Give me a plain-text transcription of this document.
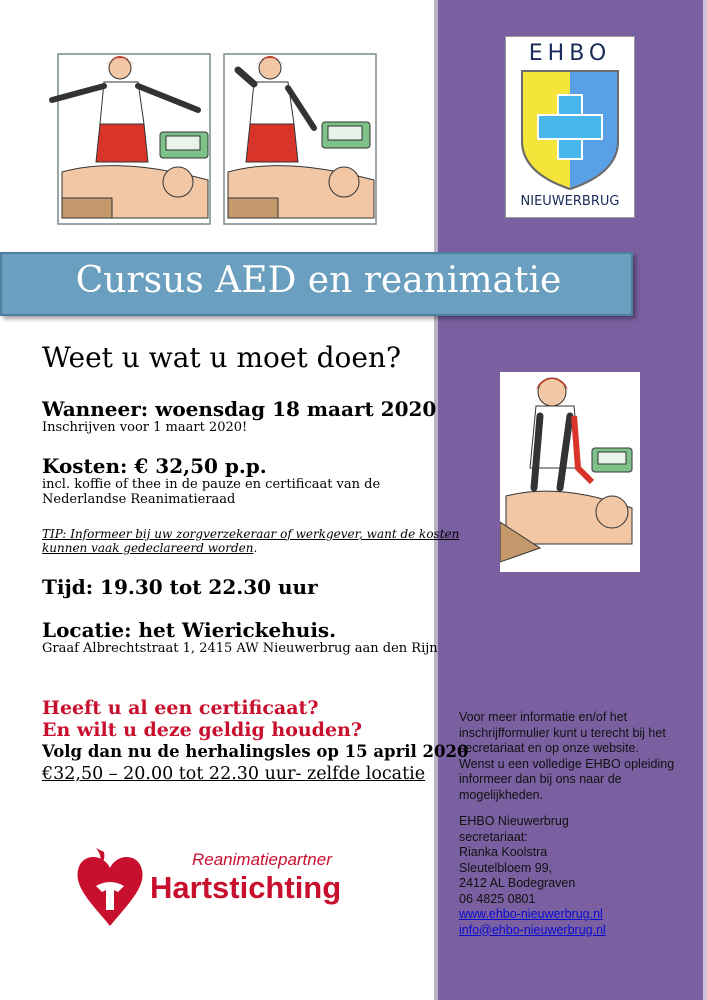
EHBO
NIEUWERBRUG
Cursus AED en reanimatie
Weet u wat u moet doen?
Wanneer: woensdag 18 maart 2020
Inschrijven voor 1 maart 2020!
Kosten: € 32,50 p.p.
incl. koffie of thee in de pauze en certificaat van de
Nederlandse Reanimatieraad
TIP: Informeer bij uw zorgverzekeraar of werkgever, want de kosten
kunnen vaak gedeclareerd worden.
Tijd: 19.30 tot 22.30 uur
Locatie: het Wierickehuis.
Graaf Albrechtstraat 1, 2415 AW Nieuwerbrug aan den Rijn
Heeft u al een certificaat?
En wilt u deze geldig houden?
Volg dan nu de herhalingsles op 15 april 2020
€32,50 – 20.00 tot 22.30 uur- zelfde locatie
Reanimatiepartner
Hartstichting
Voor meer informatie en/of het
inschrijfformulier kunt u terecht bij het
secretariaat en op onze website.
Wenst u een volledige EHBO opleiding
informeer dan bij ons naar de
mogelijkheden.
EHBO Nieuwerbrug
secretariaat:
Rianka Koolstra
Sleutelbloem 99,
2412 AL Bodegraven
06 4825 0801
www.ehbo-nieuwerbrug.nl
info@ehbo-nieuwerbrug.nl
